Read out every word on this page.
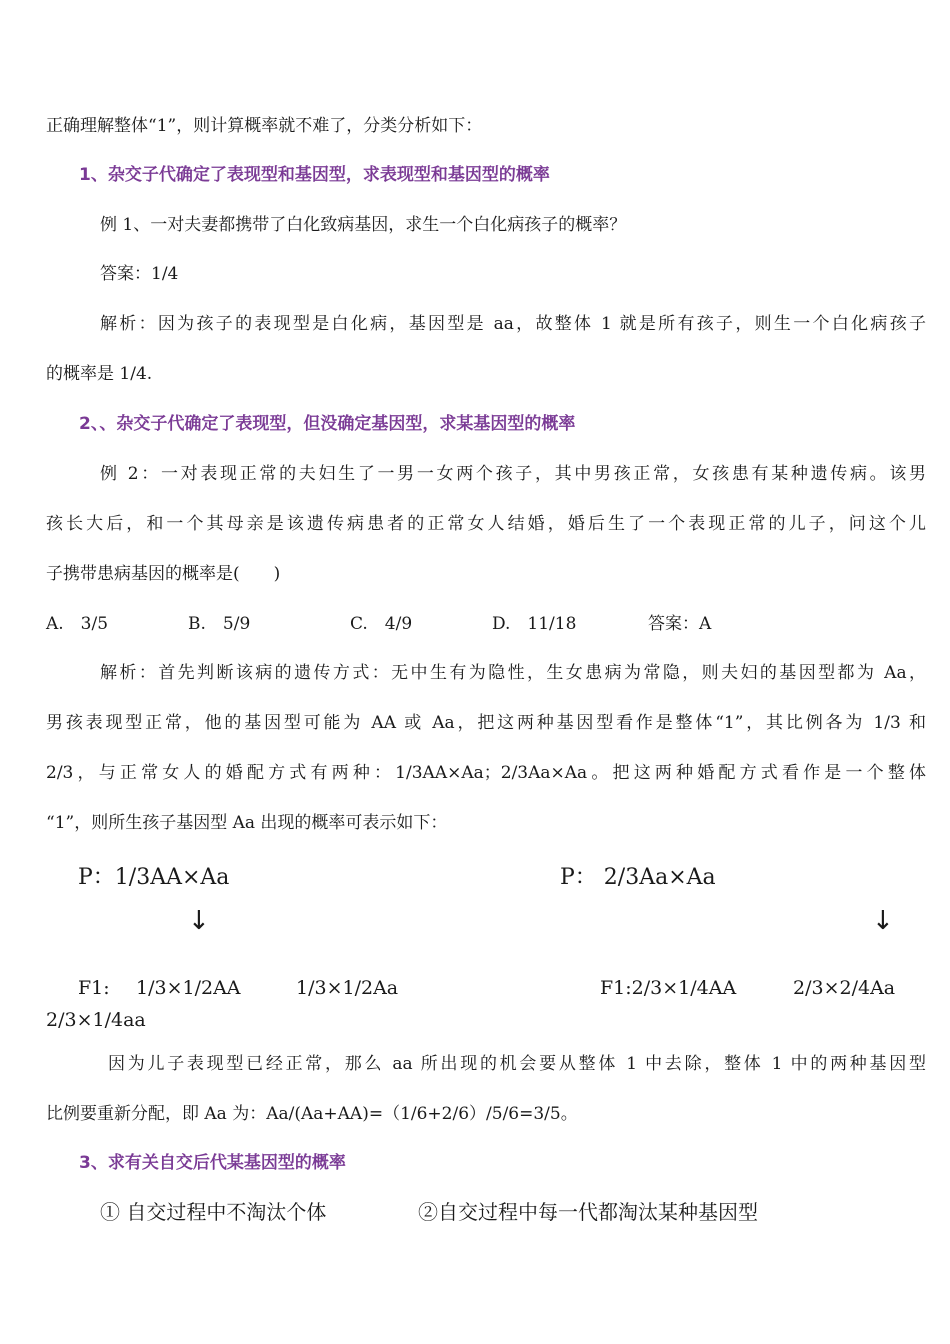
正确理解整体“1”，则计算概率就不难了，分类分析如下：
1、杂交子代确定了表现型和基因型，求表现型和基因型的概率
例 1、一对夫妻都携带了白化致病基因，求生一个白化病孩子的概率？
答案：1/4
解析：因为孩子的表现型是白化病，基因型是 aa，故整体 1 就是所有孩子，则生一个白化病孩子
的概率是 1/4.
2、、杂交子代确定了表现型，但没确定基因型，求某基因型的概率
例 2：一对表现正常的夫妇生了一男一女两个孩子，其中男孩正常，女孩患有某种遗传病。该男
孩长大后，和一个其母亲是该遗传病患者的正常女人结婚，婚后生了一个表现正常的儿子，问这个儿
子携带患病基因的概率是(　　)
A.　3/5	B.　5/9	C.　4/9	D.　11/18	答案：A
解析：首先判断该病的遗传方式：无中生有为隐性，生女患病为常隐，则夫妇的基因型都为 Aa，
男孩表现型正常，他的基因型可能为 AA 或 Aa，把这两种基因型看作是整体“1”，其比例各为 1/3 和
2/3，与正常女人的婚配方式有两种：1/3AA×Aa；2/3Aa×Aa。把这两种婚配方式看作是一个整体
“1”，则所生孩子基因型 Aa 出现的概率可表示如下：
P：1/3AA×Aa	P： 2/3Aa×Aa
↓	↓
F1: 1/3×1/2AA	1/3×1/2Aa	F1:2/3×1/4AA	2/3×2/4Aa
2/3×1/4aa
因为儿子表现型已经正常，那么 aa 所出现的机会要从整体 1 中去除，整体 1 中的两种基因型
比例要重新分配，即 Aa 为：Aa/(Aa+AA)=（1/6+2/6）/5/6=3/5。
3、求有关自交后代某基因型的概率
① 自交过程中不淘汰个体	②自交过程中每一代都淘汰某种基因型
